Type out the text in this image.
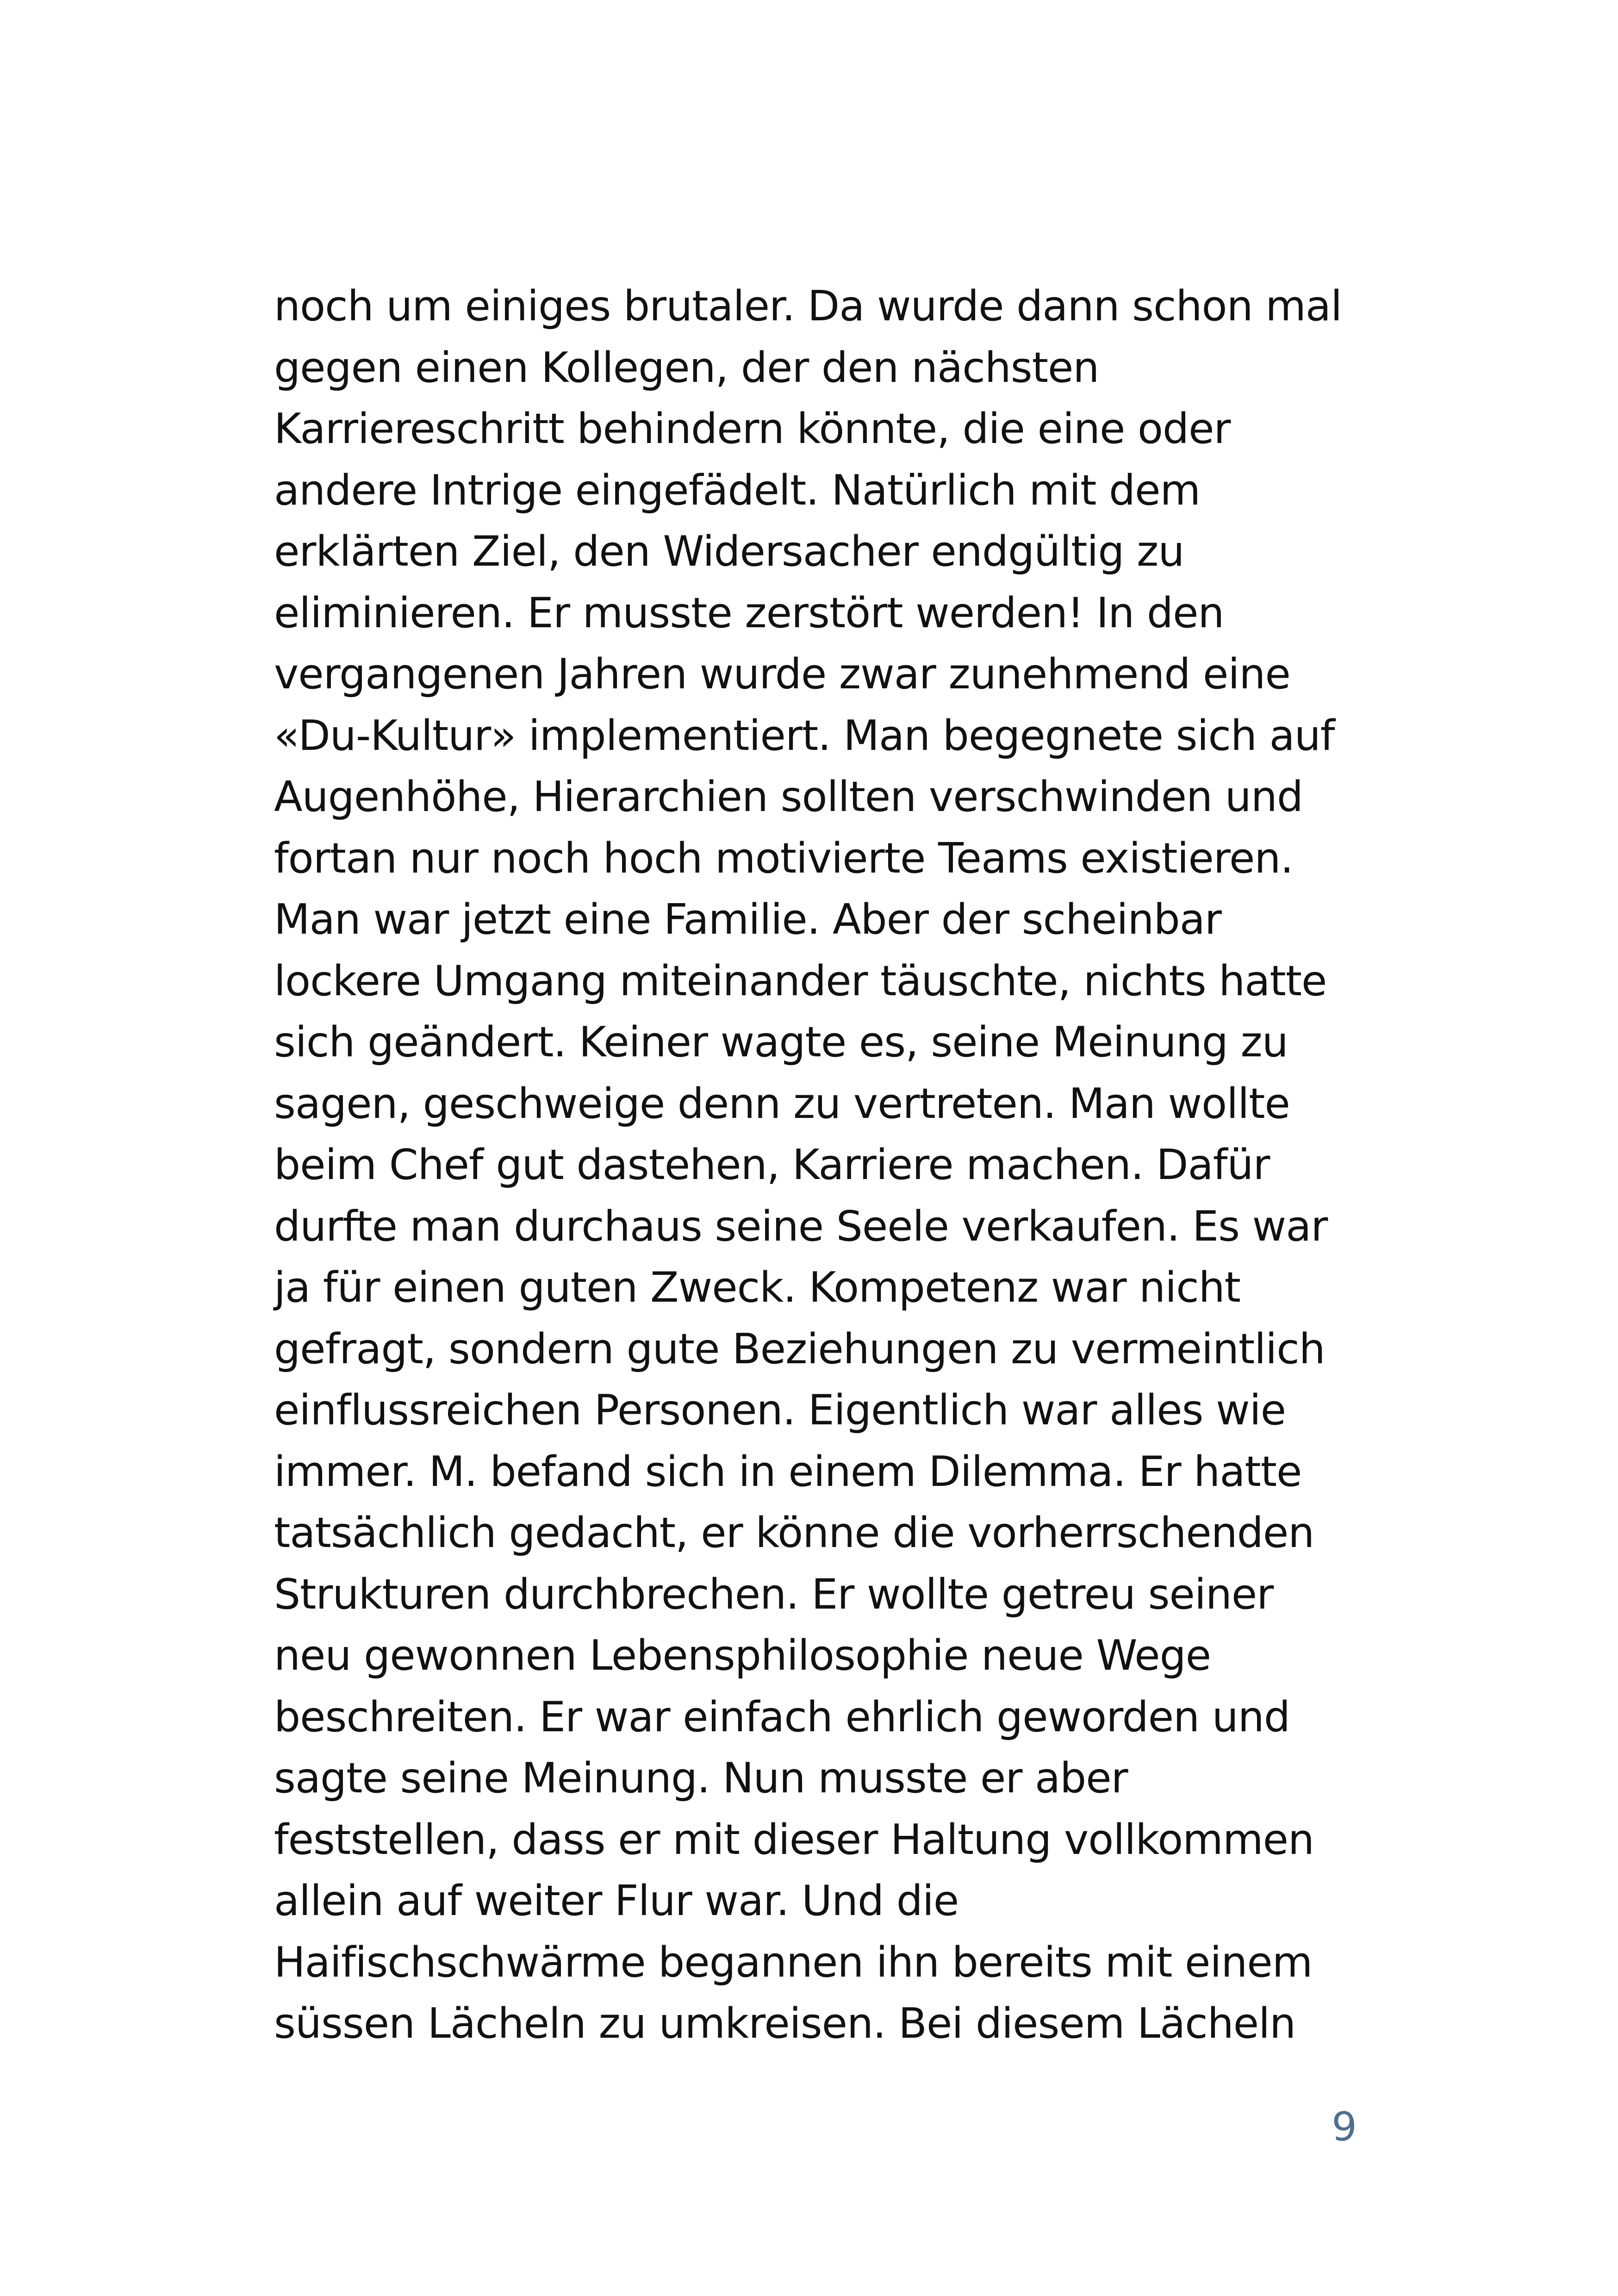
noch um einiges brutaler. Da wurde dann schon mal
gegen einen Kollegen, der den nächsten
Karriereschritt behindern könnte, die eine oder
andere Intrige eingefädelt. Natürlich mit dem
erklärten Ziel, den Widersacher endgültig zu
eliminieren. Er musste zerstört werden! In den
vergangenen Jahren wurde zwar zunehmend eine
«Du-Kultur» implementiert. Man begegnete sich auf
Augenhöhe, Hierarchien sollten verschwinden und
fortan nur noch hoch motivierte Teams existieren.
Man war jetzt eine Familie. Aber der scheinbar
lockere Umgang miteinander täuschte, nichts hatte
sich geändert. Keiner wagte es, seine Meinung zu
sagen, geschweige denn zu vertreten. Man wollte
beim Chef gut dastehen, Karriere machen. Dafür
durfte man durchaus seine Seele verkaufen. Es war
ja für einen guten Zweck. Kompetenz war nicht
gefragt, sondern gute Beziehungen zu vermeintlich
einflussreichen Personen. Eigentlich war alles wie
immer. M. befand sich in einem Dilemma. Er hatte
tatsächlich gedacht, er könne die vorherrschenden
Strukturen durchbrechen. Er wollte getreu seiner
neu gewonnen Lebensphilosophie neue Wege
beschreiten. Er war einfach ehrlich geworden und
sagte seine Meinung. Nun musste er aber
feststellen, dass er mit dieser Haltung vollkommen
allein auf weiter Flur war. Und die
Haifischschwärme begannen ihn bereits mit einem
süssen Lächeln zu umkreisen. Bei diesem Lächeln
9
